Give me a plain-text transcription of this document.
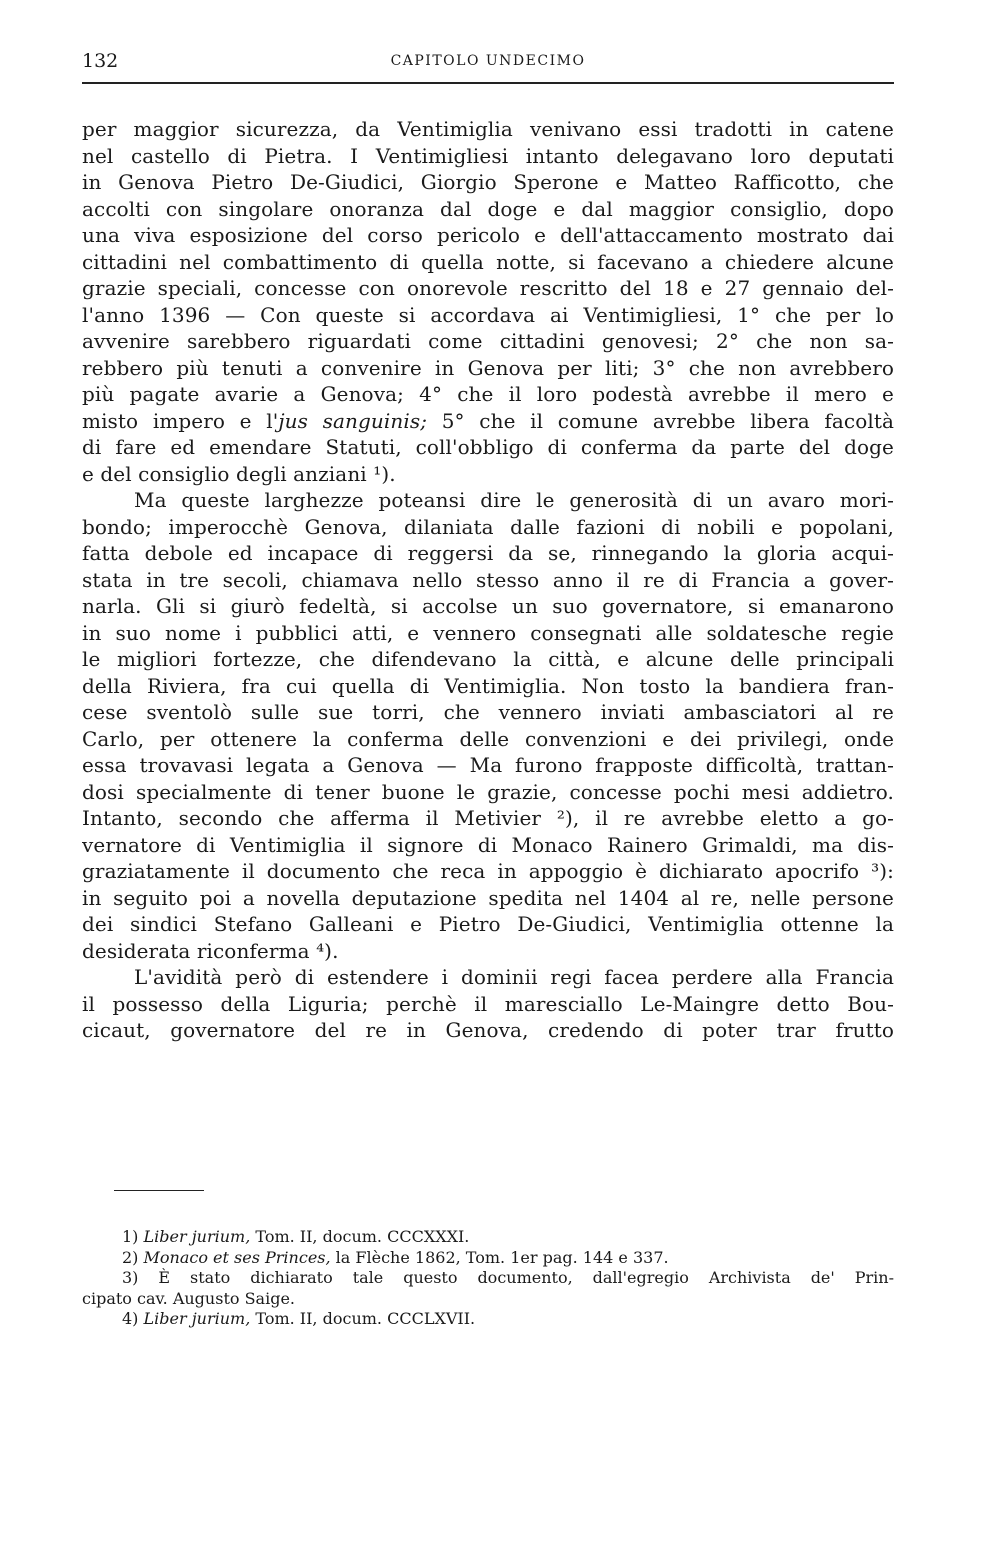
132	CAPITOLO UNDECIMO
per maggior sicurezza, da Ventimiglia venivano essi tradotti in catene
nel castello di Pietra. I Ventimigliesi intanto delegavano loro deputati
in Genova Pietro De-Giudici, Giorgio Sperone e Matteo Rafficotto, che
accolti con singolare onoranza dal doge e dal maggior consiglio, dopo
una viva esposizione del corso pericolo e dell'attaccamento mostrato dai
cittadini nel combattimento di quella notte, si facevano a chiedere alcune
grazie speciali, concesse con onorevole rescritto del 18 e 27 gennaio del-
l'anno 1396 — Con queste si accordava ai Ventimigliesi, 1° che per lo
avvenire sarebbero riguardati come cittadini genovesi; 2° che non sa-
rebbero più tenuti a convenire in Genova per liti; 3° che non avrebbero
più pagate avarie a Genova; 4° che il loro podestà avrebbe il mero e
misto impero e l'jus sanguinis; 5° che il comune avrebbe libera facoltà
di fare ed emendare Statuti, coll'obbligo di conferma da parte del doge
e del consiglio degli anziani ¹).
Ma queste larghezze poteansi dire le generosità di un avaro mori-
bondo; imperocchè Genova, dilaniata dalle fazioni di nobili e popolani,
fatta debole ed incapace di reggersi da se, rinnegando la gloria acqui-
stata in tre secoli, chiamava nello stesso anno il re di Francia a gover-
narla. Gli si giurò fedeltà, si accolse un suo governatore, si emanarono
in suo nome i pubblici atti, e vennero consegnati alle soldatesche regie
le migliori fortezze, che difendevano la città, e alcune delle principali
della Riviera, fra cui quella di Ventimiglia. Non tosto la bandiera fran-
cese sventolò sulle sue torri, che vennero inviati ambasciatori al re
Carlo, per ottenere la conferma delle convenzioni e dei privilegi, onde
essa trovavasi legata a Genova — Ma furono frapposte difficoltà, trattan-
dosi specialmente di tener buone le grazie, concesse pochi mesi addietro.
Intanto, secondo che afferma il Metivier ²), il re avrebbe eletto a go-
vernatore di Ventimiglia il signore di Monaco Rainero Grimaldi, ma dis-
graziatamente il documento che reca in appoggio è dichiarato apocrifo ³):
in seguito poi a novella deputazione spedita nel 1404 al re, nelle persone
dei sindici Stefano Galleani e Pietro De-Giudici, Ventimiglia ottenne la
desiderata riconferma ⁴).
L'avidità però di estendere i dominii regi facea perdere alla Francia
il possesso della Liguria; perchè il maresciallo Le-Maingre detto Bou-
cicaut, governatore del re in Genova, credendo di poter trar frutto
1) Liber jurium, Tom. II, docum. CCCXXXI.
2) Monaco et ses Princes, la Flèche 1862, Tom. 1er pag. 144 e 337.
3) È stato dichiarato tale questo documento, dall'egregio Archivista de' Prin-
cipato cav. Augusto Saige.
4) Liber jurium, Tom. II, docum. CCCLXVII.
